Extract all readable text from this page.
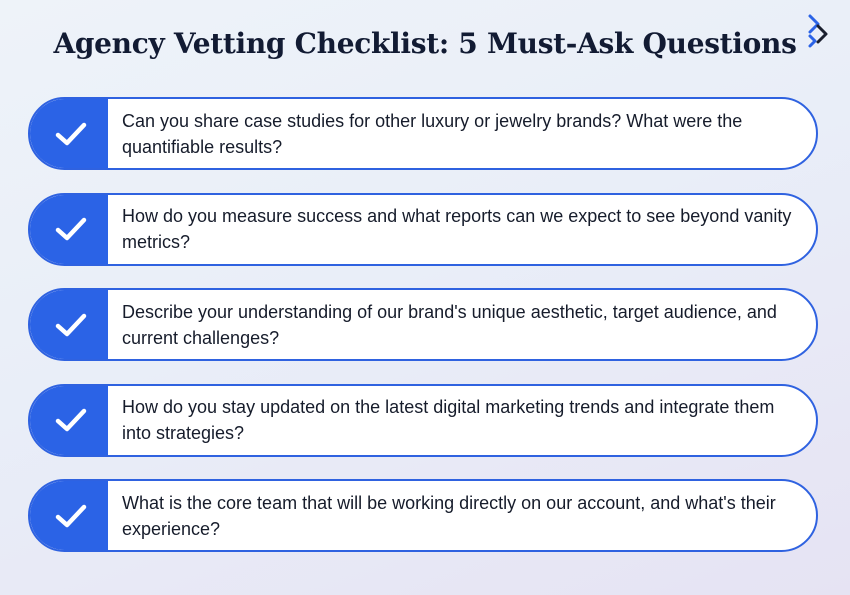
Agency Vetting Checklist: 5 Must-Ask Questions
Can you share case studies for other luxury or jewelry brands? What were the quantifiable results?
How do you measure success and what reports can we expect to see beyond vanity metrics?
Describe your understanding of our brand's unique aesthetic, target audience, and current challenges?
How do you stay updated on the latest digital marketing trends and integrate them into strategies?
What is the core team that will be working directly on our account, and what's their experience?
